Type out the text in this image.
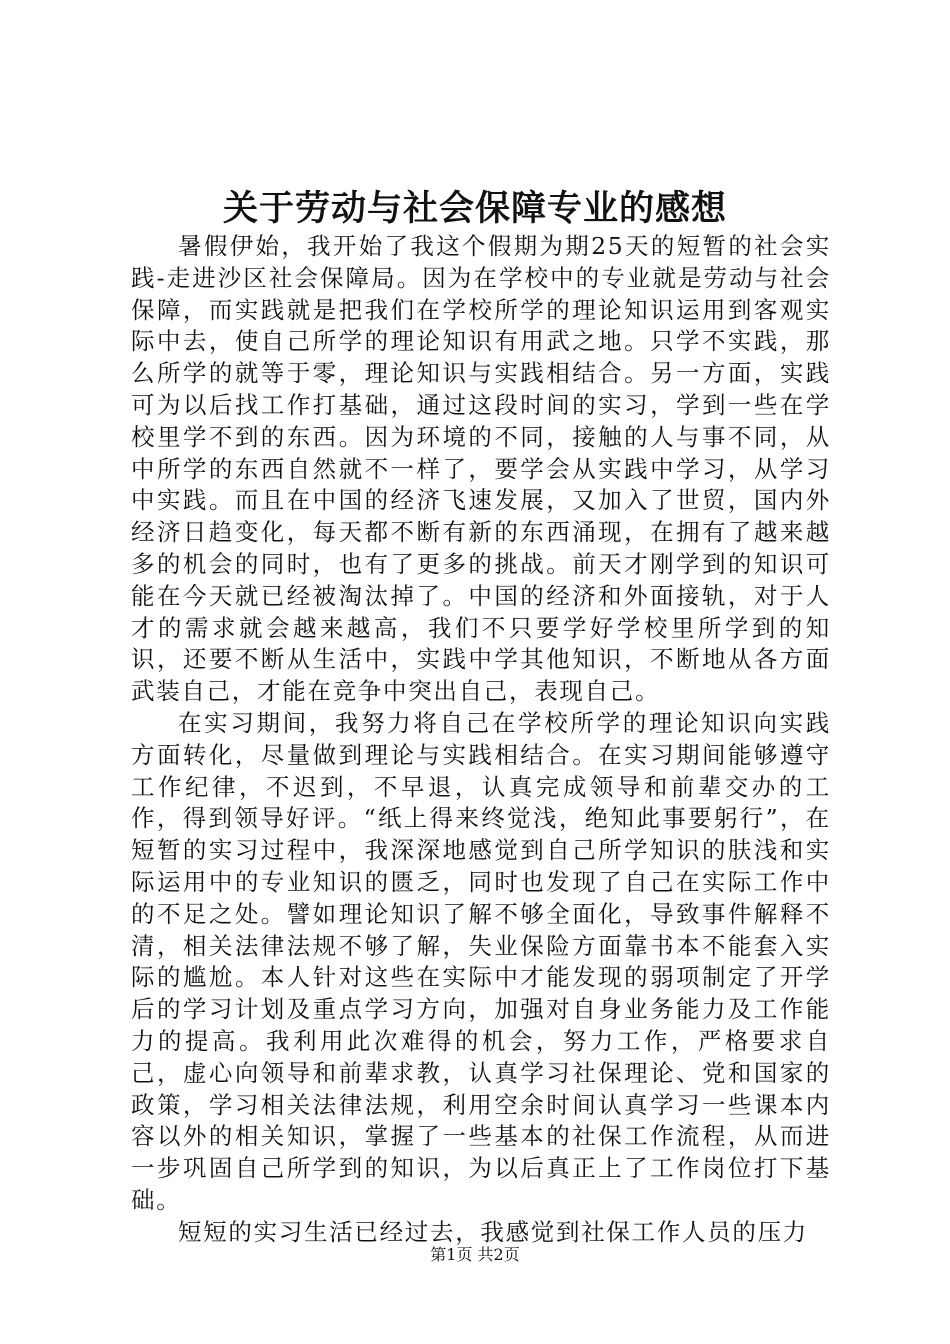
关于劳动与社会保障专业的感想

暑假伊始，我开始了我这个假期为期25天的短暂的社会实践-走进沙区社会保障局。因为在学校中的专业就是劳动与社会保障，而实践就是把我们在学校所学的理论知识运用到客观实际中去，使自己所学的理论知识有用武之地。只学不实践，那么所学的就等于零，理论知识与实践相结合。另一方面，实践可为以后找工作打基础，通过这段时间的实习，学到一些在学校里学不到的东西。因为环境的不同，接触的人与事不同，从中所学的东西自然就不一样了，要学会从实践中学习，从学习中实践。而且在中国的经济飞速发展，又加入了世贸，国内外经济日趋变化，每天都不断有新的东西涌现，在拥有了越来越多的机会的同时，也有了更多的挑战。前天才刚学到的知识可能在今天就已经被淘汰掉了。中国的经济和外面接轨，对于人才的需求就会越来越高，我们不只要学好学校里所学到的知识，还要不断从生活中，实践中学其他知识，不断地从各方面武装自己，才能在竞争中突出自己，表现自己。

在实习期间，我努力将自己在学校所学的理论知识向实践方面转化，尽量做到理论与实践相结合。在实习期间能够遵守工作纪律，不迟到，不早退，认真完成领导和前辈交办的工作，得到领导好评。“纸上得来终觉浅，绝知此事要躬行”，在短暂的实习过程中，我深深地感觉到自己所学知识的肤浅和实际运用中的专业知识的匮乏，同时也发现了自己在实际工作中的不足之处。譬如理论知识了解不够全面化，导致事件解释不清，相关法律法规不够了解，失业保险方面靠书本不能套入实际的尴尬。本人针对这些在实际中才能发现的弱项制定了开学后的学习计划及重点学习方向，加强对自身业务能力及工作能力的提高。我利用此次难得的机会，努力工作，严格要求自己，虚心向领导和前辈求教，认真学习社保理论、党和国家的政策，学习相关法律法规，利用空余时间认真学习一些课本内容以外的相关知识，掌握了一些基本的社保工作流程，从而进一步巩固自己所学到的知识，为以后真正上了工作岗位打下基础。

短短的实习生活已经过去，我感觉到社保工作人员的压力

第1页 共2页
